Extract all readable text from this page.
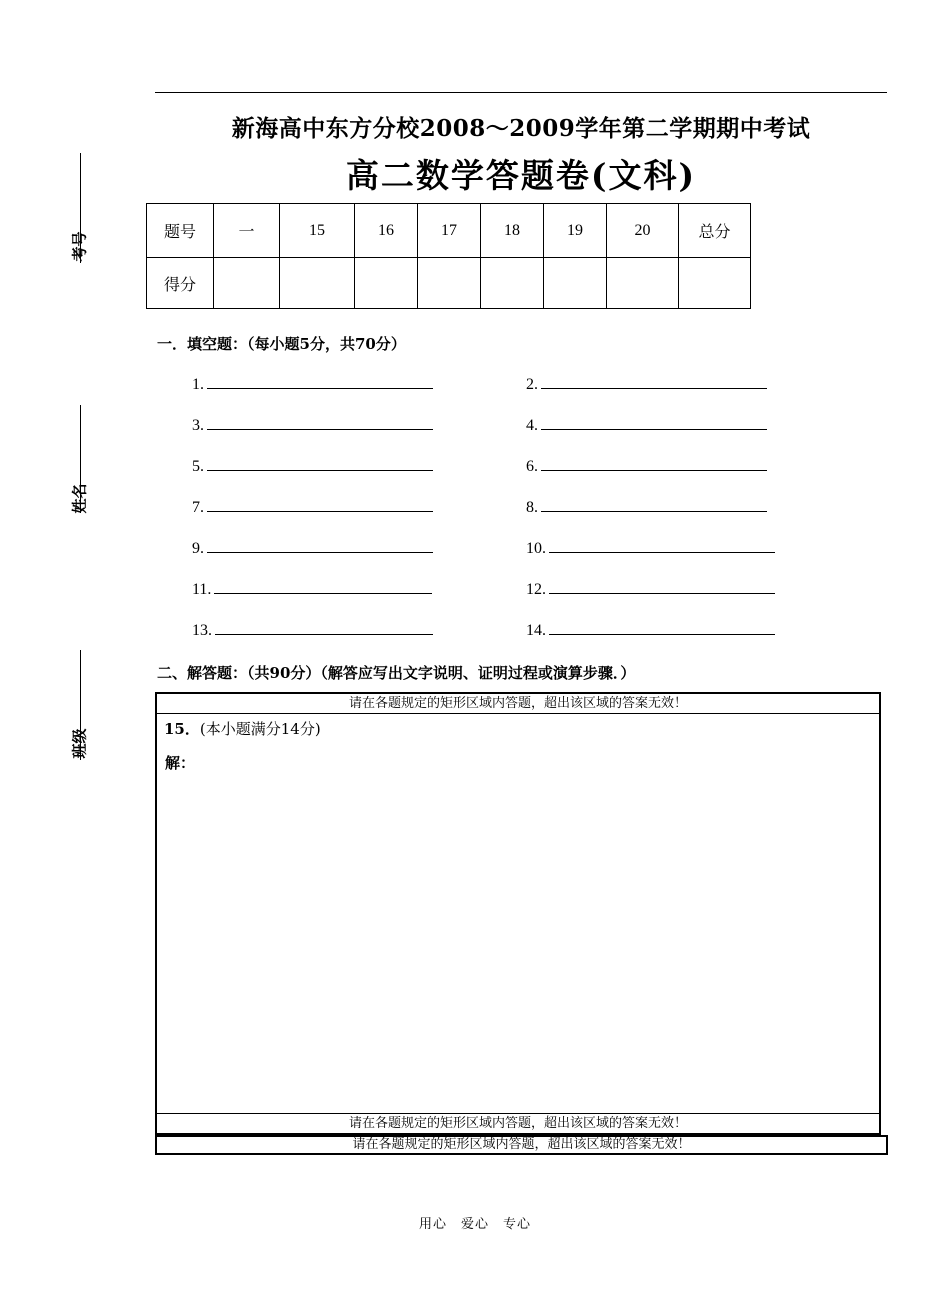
新海高中东方分校2008～2009学年第二学期期中考试
高二数学答题卷(文科)
考号
姓名
班级
题号	一	15	16	17	18	19	20	总分
得分								
一．填空题：（每小题5分，共70分）
1.	2.
3.	4.
5.	6.
7.	8.
9.	10.
11.	12.
13.	14.
二、解答题：（共90分）（解答应写出文字说明、证明过程或演算步骤．）
请在各题规定的矩形区域内答题，超出该区域的答案无效！
请在各题规定的矩形区域内答题，超出该区域的答案无效！
15．(本小题满分14分)
解：
请在各题规定的矩形区域内答题，超出该区域的答案无效！
用心　爱心　专心
